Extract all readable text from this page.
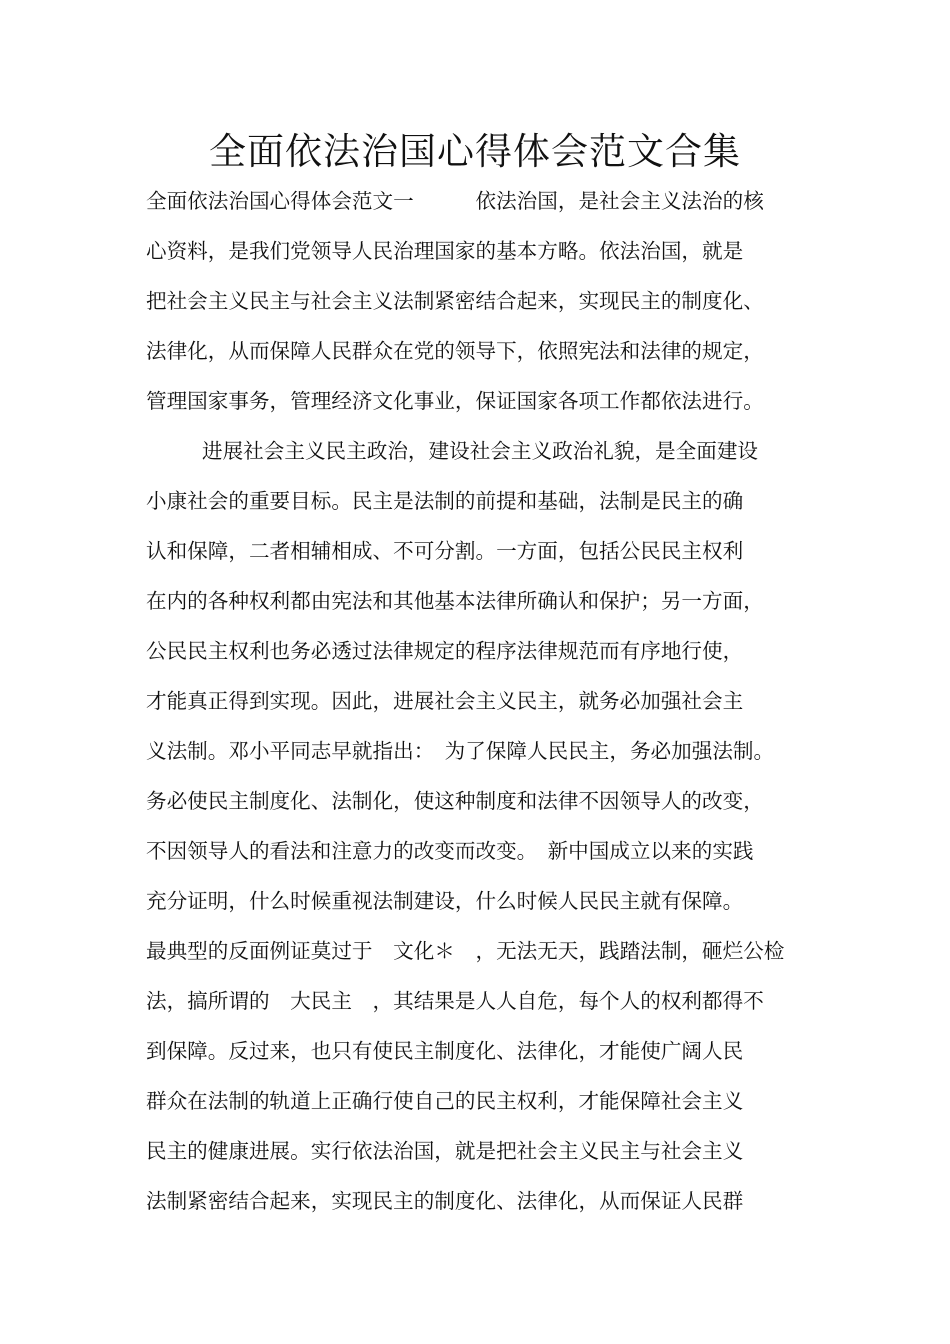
全面依法治国心得体会范文合集
全面依法治国心得体会范文一　　　依法治国，是社会主义法治的核
心资料，是我们党领导人民治理国家的基本方略。依法治国，就是
把社会主义民主与社会主义法制紧密结合起来，实现民主的制度化、
法律化，从而保障人民群众在党的领导下，依照宪法和法律的规定，
管理国家事务，管理经济文化事业，保证国家各项工作都依法进行。
进展社会主义民主政治，建设社会主义政治礼貌，是全面建设
小康社会的重要目标。民主是法制的前提和基础，法制是民主的确
认和保障，二者相辅相成、不可分割。一方面，包括公民民主权利
在内的各种权利都由宪法和其他基本法律所确认和保护；另一方面，
公民民主权利也务必透过法律规定的程序法律规范而有序地行使，
才能真正得到实现。因此，进展社会主义民主，就务必加强社会主
义法制。邓小平同志早就指出：　为了保障人民民主，务必加强法制。
务必使民主制度化、法制化，使这种制度和法律不因领导人的改变，
不因领导人的看法和注意力的改变而改变。　新中国成立以来的实践
充分证明，什么时候重视法制建设，什么时候人民民主就有保障。
最典型的反面例证莫过于　文化＊　，无法无天，践踏法制，砸烂公检
法，搞所谓的　大民主　，其结果是人人自危，每个人的权利都得不
到保障。反过来，也只有使民主制度化、法律化，才能使广阔人民
群众在法制的轨道上正确行使自己的民主权利，才能保障社会主义
民主的健康进展。实行依法治国，就是把社会主义民主与社会主义
法制紧密结合起来，实现民主的制度化、法律化，从而保证人民群
